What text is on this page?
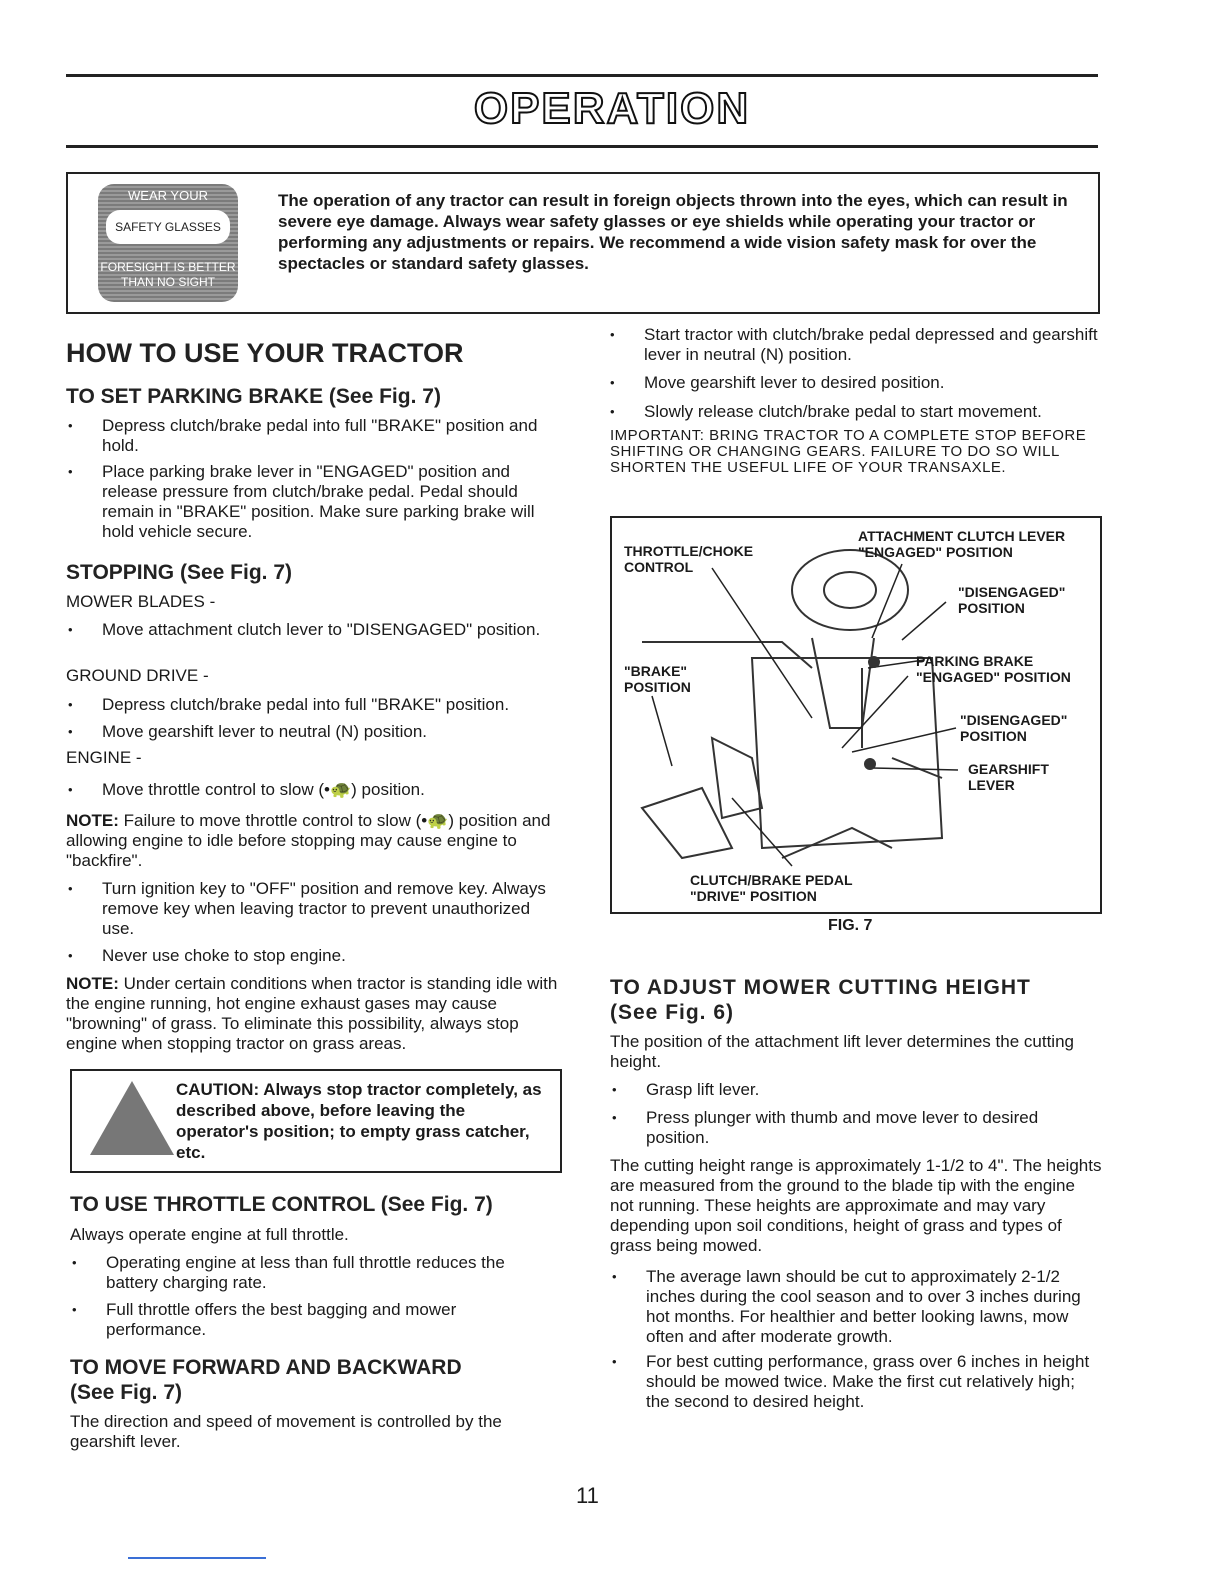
OPERATION
WEAR YOUR
SAFETY GLASSES
FORESIGHT IS BETTER
THAN NO SIGHT
The operation of any tractor can result in foreign objects thrown into the eyes, which can result in severe eye damage. Always wear safety glasses or eye shields while operating your tractor or performing any adjustments or repairs. We recommend a wide vision safety mask for over the spectacles or standard safety glasses.
HOW TO USE YOUR TRACTOR
TO SET PARKING BRAKE (See Fig. 7)
• Depress clutch/brake pedal into full "BRAKE" position and hold.
• Place parking brake lever in "ENGAGED" position and release pressure from clutch/brake pedal. Pedal should remain in "BRAKE" position. Make sure parking brake will hold vehicle secure.
STOPPING (See Fig. 7)
MOWER BLADES -
• Move attachment clutch lever to "DISENGAGED" position.
GROUND DRIVE -
• Depress clutch/brake pedal into full "BRAKE" position.
• Move gearshift lever to neutral (N) position.
ENGINE -
• Move throttle control to slow (•🐢) position.
NOTE: Failure to move throttle control to slow (•🐢) position and allowing engine to idle before stopping may cause engine to "backfire".
• Turn ignition key to "OFF" position and remove key. Always remove key when leaving tractor to prevent unauthorized use.
• Never use choke to stop engine.
NOTE: Under certain conditions when tractor is standing idle with the engine running, hot engine exhaust gases may cause "browning" of grass. To eliminate this possibility, always stop engine when stopping tractor on grass areas.
CAUTION: Always stop tractor completely, as described above, before leaving the operator's position; to empty grass catcher, etc.
TO USE THROTTLE CONTROL (See Fig. 7)
Always operate engine at full throttle.
• Operating engine at less than full throttle reduces the battery charging rate.
• Full throttle offers the best bagging and mower performance.
TO MOVE FORWARD AND BACKWARD
(See Fig. 7)
The direction and speed of movement is controlled by the gearshift lever.
• Start tractor with clutch/brake pedal depressed and gearshift lever in neutral (N) position.
• Move gearshift lever to desired position.
• Slowly release clutch/brake pedal to start movement.
IMPORTANT: BRING TRACTOR TO A COMPLETE STOP BEFORE SHIFTING OR CHANGING GEARS. FAILURE TO DO SO WILL SHORTEN THE USEFUL LIFE OF YOUR TRANSAXLE.
ATTACHMENT CLUTCH LEVER
"ENGAGED" POSITION
THROTTLE/CHOKE
CONTROL
"DISENGAGED"
POSITION
"BRAKE"
POSITION
PARKING BRAKE
"ENGAGED" POSITION
"DISENGAGED"
POSITION
GEARSHIFT
LEVER
CLUTCH/BRAKE PEDAL
"DRIVE" POSITION
FIG. 7
TO ADJUST MOWER CUTTING HEIGHT
(See Fig. 6)
The position of the attachment lift lever determines the cutting height.
• Grasp lift lever.
• Press plunger with thumb and move lever to desired position.
The cutting height range is approximately 1-1/2 to 4". The heights are measured from the ground to the blade tip with the engine not running. These heights are approximate and may vary depending upon soil conditions, height of grass and types of grass being mowed.
• The average lawn should be cut to approximately 2-1/2 inches during the cool season and to over 3 inches during hot months. For healthier and better looking lawns, mow often and after moderate growth.
• For best cutting performance, grass over 6 inches in height should be mowed twice. Make the first cut relatively high; the second to desired height.
11
